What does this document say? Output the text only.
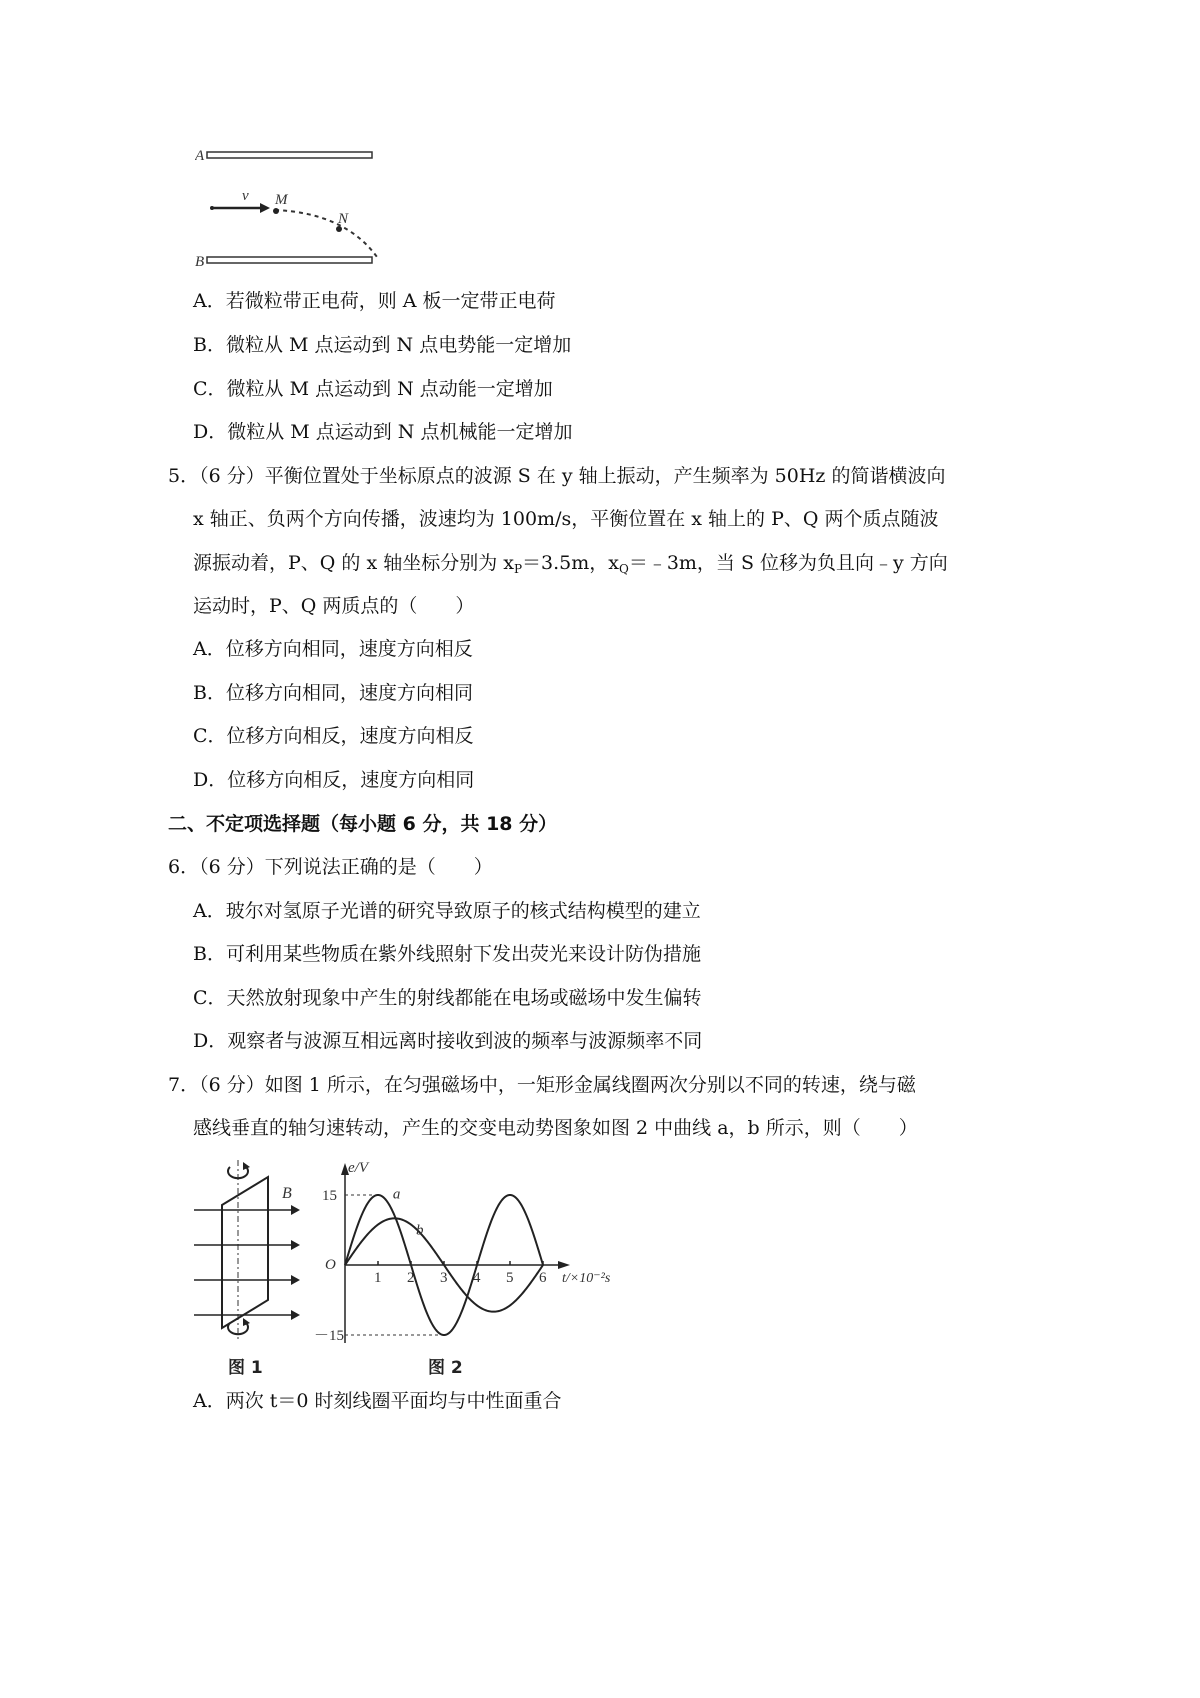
A
v M
N
B
A．若微粒带正电荷，则 A 板一定带正电荷
B．微粒从 M 点运动到 N 点电势能一定增加
C．微粒从 M 点运动到 N 点动能一定增加
D．微粒从 M 点运动到 N 点机械能一定增加
5．（6 分）平衡位置处于坐标原点的波源 S 在 y 轴上振动，产生频率为 50Hz 的简谐横波向
x 轴正、负两个方向传播，波速均为 100m/s，平衡位置在 x 轴上的 P、Q 两个质点随波
源振动着，P、Q 的 x 轴坐标分别为 $x_P=3.5m$，$x_Q=﹣3m$，当 S 位移为负且向﹣y 方向
运动时，P、Q 两质点的（　　）
A．位移方向相同，速度方向相反
B．位移方向相同，速度方向相同
C．位移方向相反，速度方向相反
D．位移方向相反，速度方向相同
二、不定项选择题（每小题 6 分，共 18 分）
6．（6 分）下列说法正确的是（　　）
A．玻尔对氢原子光谱的研究导致原子的核式结构模型的建立
B．可利用某些物质在紫外线照射下发出荧光来设计防伪措施
C．天然放射现象中产生的射线都能在电场或磁场中发生偏转
D．观察者与波源互相远离时接收到波的频率与波源频率不同
7．（6 分）如图 1 所示，在匀强磁场中，一矩形金属线圈两次分别以不同的转速，绕与磁
感线垂直的轴匀速转动，产生的交变电动势图象如图 2 中曲线 a，b 所示，则（　　）
B
图 1
e/V
O
t/×10⁻²s
图 2
15
－15
1 2 3 4 5 6
a
b
A．两次 t＝0 时刻线圈平面均与中性面重合
